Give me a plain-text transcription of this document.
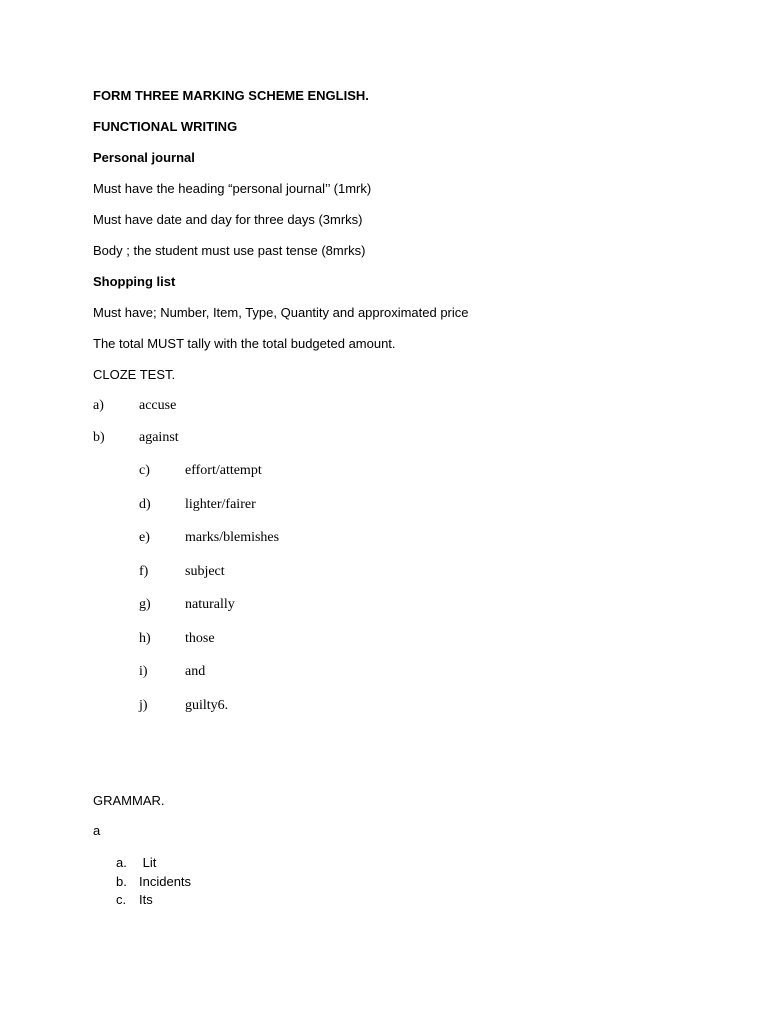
FORM THREE MARKING SCHEME ENGLISH.
FUNCTIONAL WRITING
Personal journal
Must have the heading “personal journal’’ (1mrk)
Must have date and day for three days (3mrks)
Body ; the student must use past tense (8mrks)
Shopping list
Must have; Number, Item, Type, Quantity and approximated price
The total MUST tally with the total budgeted amount.
CLOZE TEST.
a)	accuse
b) against
c)	effort/attempt
d) lighter/fairer
e)	marks/blemishes
f)	subject
g) naturally
h) those
i)	and
j)	guilty6.
GRAMMAR.
a
a. Lit
b. Incidents
c. Its
